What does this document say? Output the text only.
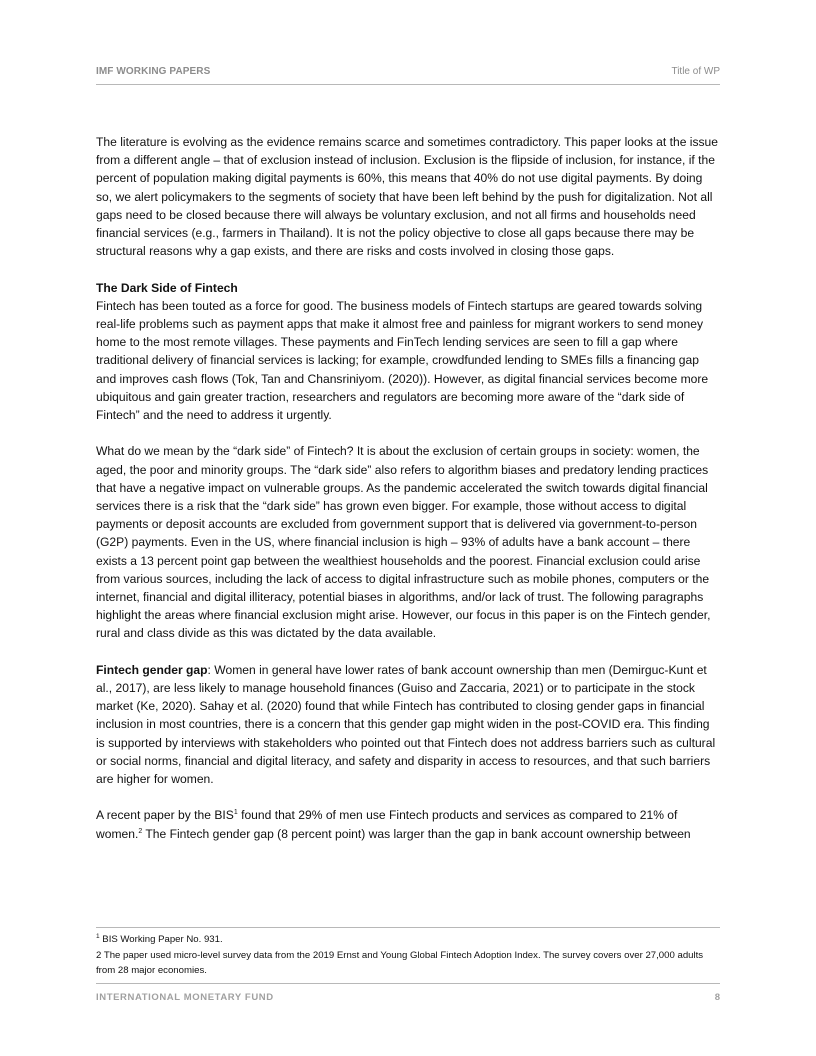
IMF WORKING PAPERS	Title of WP

The literature is evolving as the evidence remains scarce and sometimes contradictory. This paper looks at the issue from a different angle – that of exclusion instead of inclusion. Exclusion is the flipside of inclusion, for instance, if the percent of population making digital payments is 60%, this means that 40% do not use digital payments. By doing so, we alert policymakers to the segments of society that have been left behind by the push for digitalization. Not all gaps need to be closed because there will always be voluntary exclusion, and not all firms and households need financial services (e.g., farmers in Thailand). It is not the policy objective to close all gaps because there may be structural reasons why a gap exists, and there are risks and costs involved in closing those gaps.

The Dark Side of Fintech
Fintech has been touted as a force for good. The business models of Fintech startups are geared towards solving real-life problems such as payment apps that make it almost free and painless for migrant workers to send money home to the most remote villages. These payments and FinTech lending services are seen to fill a gap where traditional delivery of financial services is lacking; for example, crowdfunded lending to SMEs fills a financing gap and improves cash flows (Tok, Tan and Chansriniyom. (2020)). However, as digital financial services become more ubiquitous and gain greater traction, researchers and regulators are becoming more aware of the “dark side of Fintech” and the need to address it urgently.

What do we mean by the “dark side” of Fintech? It is about the exclusion of certain groups in society: women, the aged, the poor and minority groups. The “dark side” also refers to algorithm biases and predatory lending practices that have a negative impact on vulnerable groups. As the pandemic accelerated the switch towards digital financial services there is a risk that the “dark side” has grown even bigger. For example, those without access to digital payments or deposit accounts are excluded from government support that is delivered via government-to-person (G2P) payments. Even in the US, where financial inclusion is high – 93% of adults have a bank account – there exists a 13 percent point gap between the wealthiest households and the poorest. Financial exclusion could arise from various sources, including the lack of access to digital infrastructure such as mobile phones, computers or the internet, financial and digital illiteracy, potential biases in algorithms, and/or lack of trust. The following paragraphs highlight the areas where financial exclusion might arise. However, our focus in this paper is on the Fintech gender, rural and class divide as this was dictated by the data available.

Fintech gender gap: Women in general have lower rates of bank account ownership than men (Demirguc-Kunt et al., 2017), are less likely to manage household finances (Guiso and Zaccaria, 2021) or to participate in the stock market (Ke, 2020). Sahay et al. (2020) found that while Fintech has contributed to closing gender gaps in financial inclusion in most countries, there is a concern that this gender gap might widen in the post-COVID era. This finding is supported by interviews with stakeholders who pointed out that Fintech does not address barriers such as cultural or social norms, financial and digital literacy, and safety and disparity in access to resources, and that such barriers are higher for women.

A recent paper by the BIS$^1$ found that 29% of men use Fintech products and services as compared to 21% of women.$^2$ The Fintech gender gap (8 percent point) was larger than the gap in bank account ownership between

$^1$ BIS Working Paper No. 931.

2 The paper used micro-level survey data from the 2019 Ernst and Young Global Fintech Adoption Index. The survey covers over 27,000 adults from 28 major economies.

INTERNATIONAL MONETARY FUND	8
